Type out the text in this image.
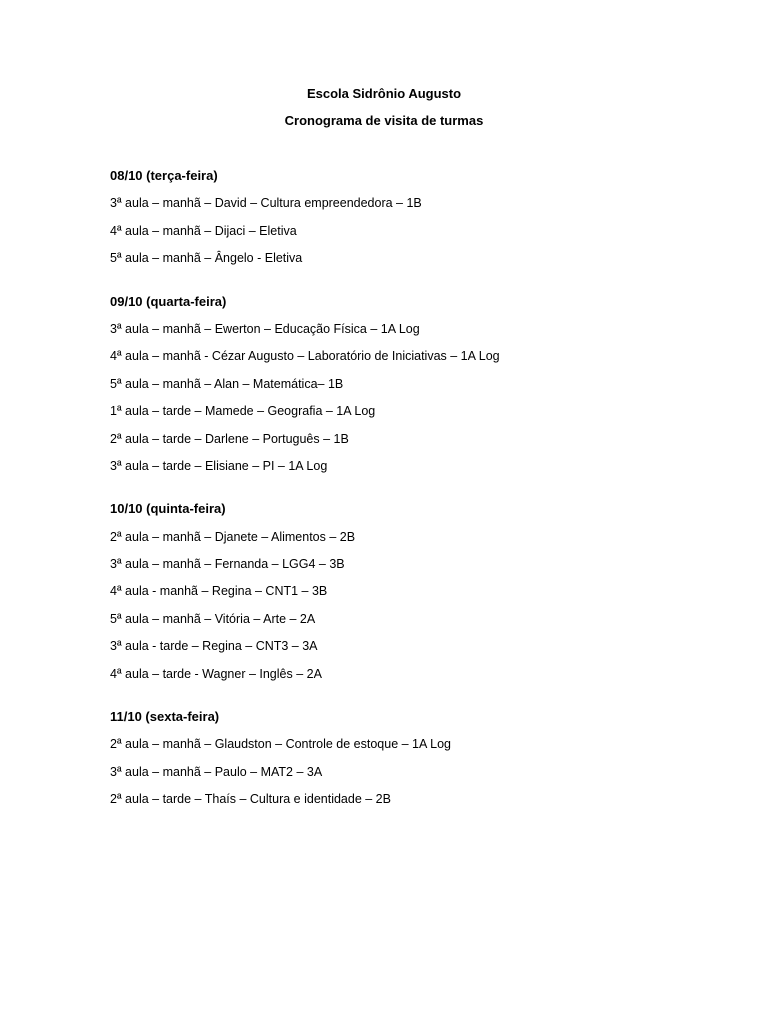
Escola Sidrônio Augusto
Cronograma de visita de turmas
08/10 (terça-feira)
3ª aula – manhã – David – Cultura empreendedora – 1B
4ª aula – manhã – Dijaci – Eletiva
5ª aula – manhã – Ângelo - Eletiva
09/10 (quarta-feira)
3ª aula – manhã – Ewerton – Educação Física – 1A Log
4ª aula – manhã - Cézar Augusto – Laboratório de Iniciativas – 1A Log
5ª aula – manhã – Alan – Matemática– 1B
1ª aula – tarde – Mamede – Geografia – 1A Log
2ª aula – tarde – Darlene – Português – 1B
3ª aula – tarde – Elisiane – PI – 1A Log
10/10 (quinta-feira)
2ª aula – manhã – Djanete – Alimentos – 2B
3ª aula – manhã – Fernanda – LGG4 – 3B
4ª aula - manhã – Regina – CNT1 – 3B
5ª aula – manhã – Vitória – Arte – 2A
3ª aula - tarde – Regina – CNT3 – 3A
4ª aula – tarde - Wagner – Inglês – 2A
11/10 (sexta-feira)
2ª aula – manhã – Glaudston – Controle de estoque – 1A Log
3ª aula – manhã – Paulo – MAT2 – 3A
2ª aula – tarde – Thaís – Cultura e identidade – 2B
